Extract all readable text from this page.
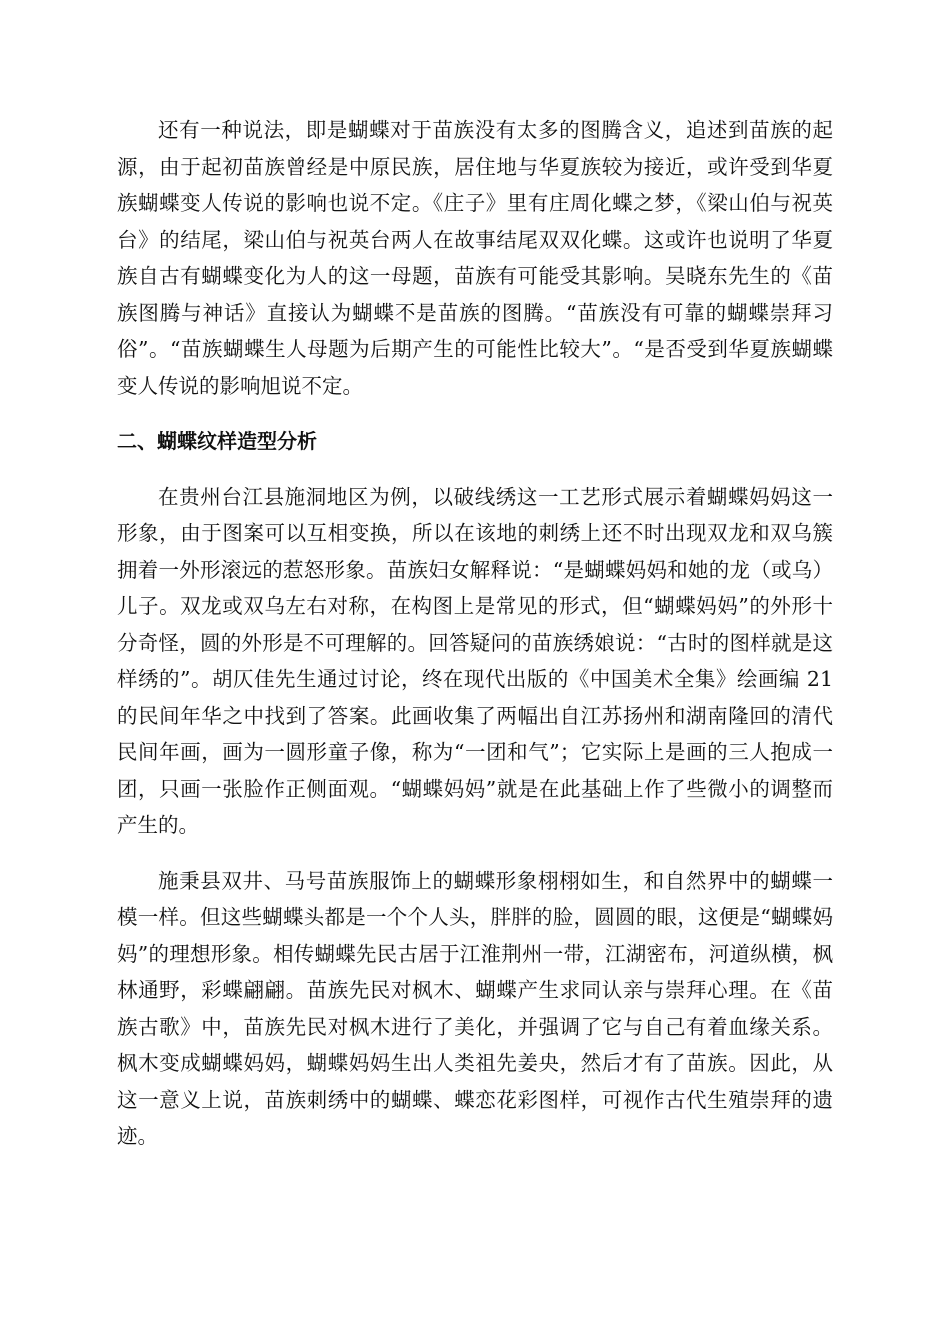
还有一种说法，即是蝴蝶对于苗族没有太多的图腾含义，追述到苗族的起源，由于起初苗族曾经是中原民族，居住地与华夏族较为接近，或许受到华夏族蝴蝶变人传说的影响也说不定。《庄子》里有庄周化蝶之梦，《梁山伯与祝英台》的结尾，梁山伯与祝英台两人在故事结尾双双化蝶。这或许也说明了华夏族自古有蝴蝶变化为人的这一母题，苗族有可能受其影响。吴晓东先生的《苗族图腾与神话》直接认为蝴蝶不是苗族的图腾。“苗族没有可靠的蝴蝶崇拜习俗”。“苗族蝴蝶生人母题为后期产生的可能性比较大”。“是否受到华夏族蝴蝶变人传说的影响旭说不定。

二、蝴蝶纹样造型分析

在贵州台江县施洞地区为例，以破线绣这一工艺形式展示着蝴蝶妈妈这一形象，由于图案可以互相变换，所以在该地的刺绣上还不时出现双龙和双乌簇拥着一外形滚远的惹怒形象。苗族妇女解释说：“是蝴蝶妈妈和她的龙（或乌）儿子。双龙或双乌左右对称，在构图上是常见的形式，但“蝴蝶妈妈”的外形十分奇怪，圆的外形是不可理解的。回答疑问的苗族绣娘说：“古时的图样就是这样绣的”。胡仄佳先生通过讨论，终在现代出版的《中国美术全集》绘画编 21 的民间年华之中找到了答案。此画收集了两幅出自江苏扬州和湖南隆回的清代民间年画，画为一圆形童子像，称为“一团和气”；它实际上是画的三人抱成一团，只画一张脸作正侧面观。“蝴蝶妈妈”就是在此基础上作了些微小的调整而产生的。

施秉县双井、马号苗族服饰上的蝴蝶形象栩栩如生，和自然界中的蝴蝶一模一样。但这些蝴蝶头都是一个个人头，胖胖的脸，圆圆的眼，这便是“蝴蝶妈妈”的理想形象。相传蝴蝶先民古居于江淮荆州一带，江湖密布，河道纵横，枫林通野，彩蝶翩翩。苗族先民对枫木、蝴蝶产生求同认亲与崇拜心理。在《苗族古歌》中，苗族先民对枫木进行了美化，并强调了它与自己有着血缘关系。枫木变成蝴蝶妈妈，蝴蝶妈妈生出人类祖先姜央，然后才有了苗族。因此，从这一意义上说，苗族刺绣中的蝴蝶、蝶恋花彩图样，可视作古代生殖崇拜的遗迹。
